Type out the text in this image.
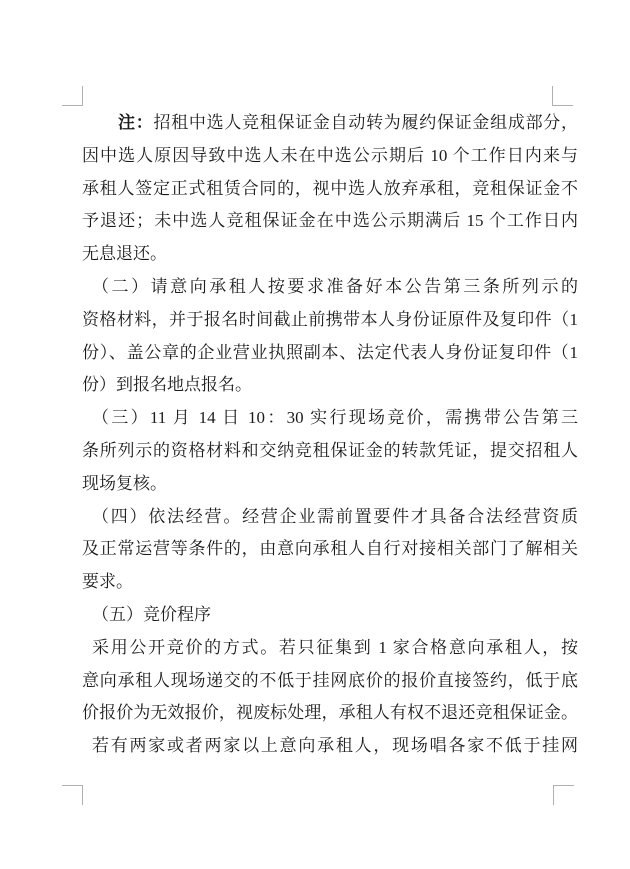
注：招租中选人竞租保证金自动转为履约保证金组成部分，
因中选人原因导致中选人未在中选公示期后 10 个工作日内来与
承租人签定正式租赁合同的，视中选人放弃承租，竞租保证金不
予退还；未中选人竞租保证金在中选公示期满后 15 个工作日内
无息退还。
（二）请意向承租人按要求准备好本公告第三条所列示的
资格材料，并于报名时间截止前携带本人身份证原件及复印件（1
份）、盖公章的企业营业执照副本、法定代表人身份证复印件（1
份）到报名地点报名。
（三）11 月 14 日 10：30 实行现场竞价，需携带公告第三
条所列示的资格材料和交纳竞租保证金的转款凭证，提交招租人
现场复核。
（四）依法经营。经营企业需前置要件才具备合法经营资质
及正常运营等条件的，由意向承租人自行对接相关部门了解相关
要求。
（五）竞价程序
采用公开竞价的方式。若只征集到 1 家合格意向承租人，按
意向承租人现场递交的不低于挂网底价的报价直接签约，低于底
价报价为无效报价，视废标处理，承租人有权不退还竞租保证金。
若有两家或者两家以上意向承租人，现场唱各家不低于挂网
